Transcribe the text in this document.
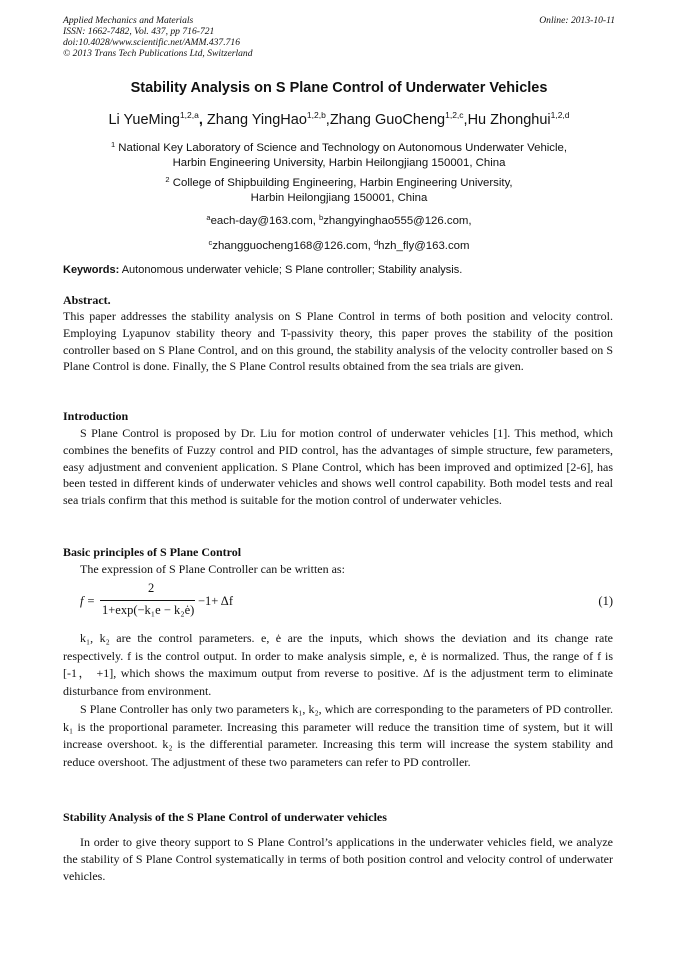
Applied Mechanics and Materials
ISSN: 1662-7482, Vol. 437, pp 716-721
doi:10.4028/www.scientific.net/AMM.437.716
© 2013 Trans Tech Publications Ltd, Switzerland
Online: 2013-10-11
Stability Analysis on S Plane Control of Underwater Vehicles
Li YueMing$^{1,2,a}$, Zhang YingHao$^{1,2,b}$,Zhang GuoCheng$^{1,2,c}$,Hu Zhonghui$^{1,2,d}$
$^1$ National Key Laboratory of Science and Technology on Autonomous Underwater Vehicle,
Harbin Engineering University, Harbin Heilongjiang 150001, China
$^2$ College of Shipbuilding Engineering, Harbin Engineering University,
Harbin Heilongjiang 150001, China
$^a$each-day@163.com, $^b$zhangyinghao555@126.com,
$^c$zhangguocheng168@126.com, $^d$hzh_fly@163.com
Keywords: Autonomous underwater vehicle; S Plane controller; Stability analysis.
Abstract.
This paper addresses the stability analysis on S Plane Control in terms of both position and velocity control. Employing Lyapunov stability theory and T-passivity theory, this paper proves the stability of the position controller based on S Plane Control, and on this ground, the stability analysis of the velocity controller based on S Plane Control is done. Finally, the S Plane Control results obtained from the sea trials are given.
Introduction
S Plane Control is proposed by Dr. Liu for motion control of underwater vehicles [1]. This method, which combines the benefits of Fuzzy control and PID control, has the advantages of simple structure, few parameters, easy adjustment and convenient application. S Plane Control, which has been improved and optimized [2-6], has been tested in different kinds of underwater vehicles and shows well control capability. Both model tests and real sea trials confirm that this method is suitable for the motion control of underwater vehicles.
Basic principles of S Plane Control
The expression of S Plane Controller can be written as:
f =
2
1+exp(−k₁e − k₂ė)
−1+ Δf	(1)
k₁, k₂ are the control parameters. e, ė are the inputs, which shows the deviation and its change rate respectively. f is the control output. In order to make analysis simple, e, ė is normalized. Thus, the range of f is [-1， +1], which shows the maximum output from reverse to positive. Δf is the adjustment term to eliminate disturbance from environment.
S Plane Controller has only two parameters k₁, k₂, which are corresponding to the parameters of PD controller. k₁ is the proportional parameter. Increasing this parameter will reduce the transition time of system, but it will increase overshoot. k₂ is the differential parameter. Increasing this term will increase the system stability and reduce overshoot. The adjustment of these two parameters can refer to PD controller.
Stability Analysis of the S Plane Control of underwater vehicles
In order to give theory support to S Plane Control’s applications in the underwater vehicles field, we analyze the stability of S Plane Control systematically in terms of both position control and velocity control of underwater vehicles.
